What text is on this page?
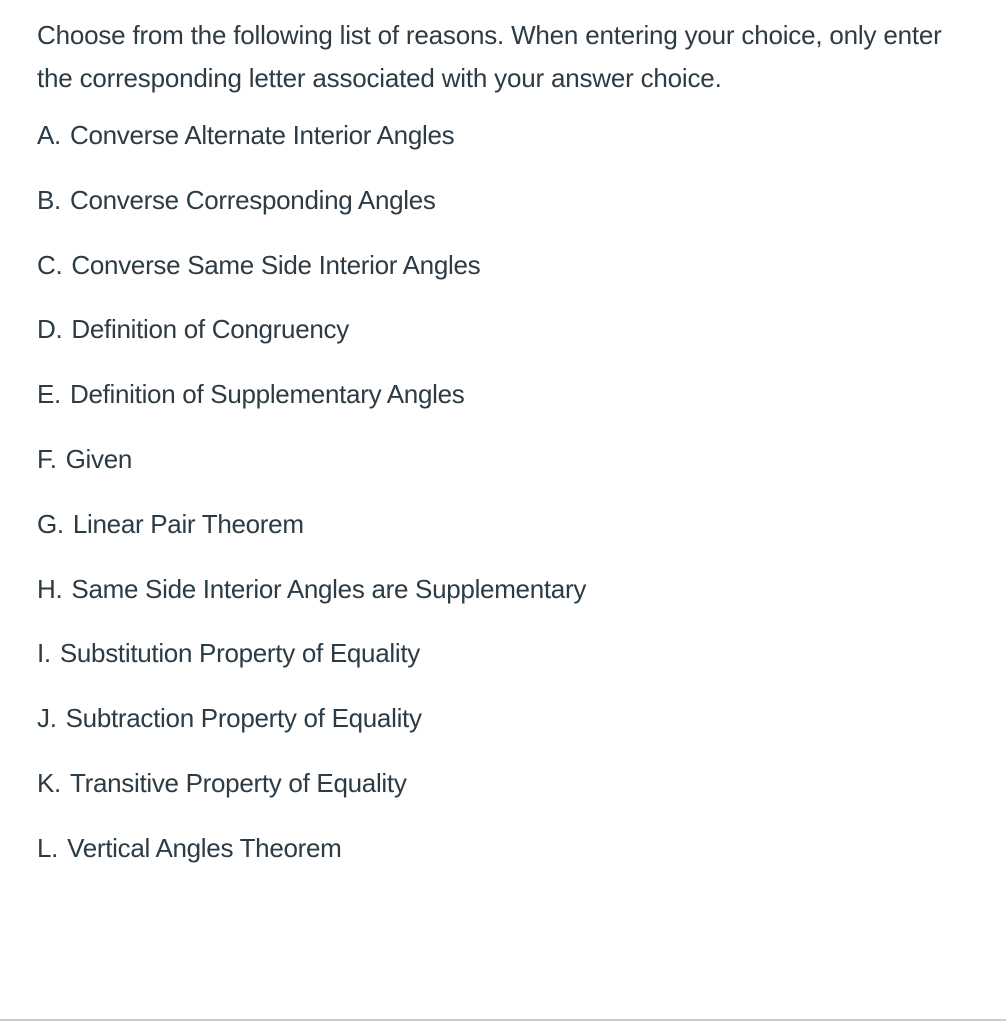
Choose from the following list of reasons. When entering your choice, only enter the corresponding letter associated with your answer choice.

A. Converse Alternate Interior Angles
B. Converse Corresponding Angles
C. Converse Same Side Interior Angles
D. Definition of Congruency
E. Definition of Supplementary Angles
F. Given
G. Linear Pair Theorem
H. Same Side Interior Angles are Supplementary
I. Substitution Property of Equality
J. Subtraction Property of Equality
K. Transitive Property of Equality
L. Vertical Angles Theorem
